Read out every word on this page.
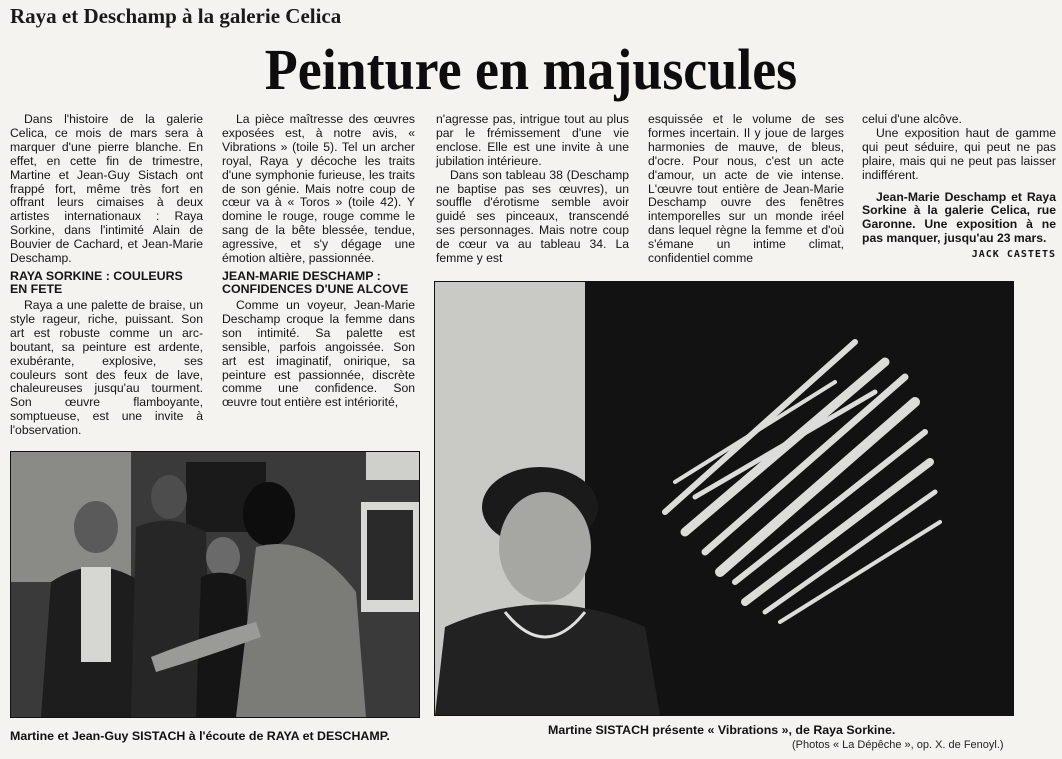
Raya et Deschamp à la galerie Celica
Peinture en majuscules

Dans l'histoire de la galerie Celica, ce mois de mars sera à marquer d'une pierre blanche. En effet, en cette fin de trimestre, Martine et Jean-Guy Sistach ont frappé fort, même très fort en offrant leurs cimaises à deux artistes internationaux : Raya Sorkine, dans l'intimité Alain de Bouvier de Cachard, et Jean-Marie Deschamp.

RAYA SORKINE : COULEURS EN FETE

Raya a une palette de braise, un style rageur, riche, puissant. Son art est robuste comme un arc-boutant, sa peinture est ardente, exubérante, explosive, ses couleurs sont des feux de lave, chaleureuses jusqu'au tourment. Son œuvre flamboyante, somptueuse, est une invite à l'observation.

La pièce maîtresse des œuvres exposées est, à notre avis, « Vibrations » (toile 5). Tel un archer royal, Raya y décoche les traits d'une symphonie furieuse, les traits de son génie. Mais notre coup de cœur va à « Toros » (toile 42). Y domine le rouge, rouge comme le sang de la bête blessée, tendue, agressive, et s'y dégage une émotion altière, passionnée.

JEAN-MARIE DESCHAMP : CONFIDENCES D'UNE ALCOVE

Comme un voyeur, Jean-Marie Deschamp croque la femme dans son intimité. Sa palette est sensible, parfois angoissée. Son art est imaginatif, onirique, sa peinture est passionnée, discrète comme une confidence. Son œuvre tout entière est intériorité,

n'agresse pas, intrigue tout au plus par le frémissement d'une vie enclose. Elle est une invite à une jubilation intérieure.

Dans son tableau 38 (Deschamp ne baptise pas ses œuvres), un souffle d'érotisme semble avoir guidé ses pinceaux, transcendé ses personnages. Mais notre coup de cœur va au tableau 34. La femme y est

esquissée et le volume de ses formes incertain. Il y joue de larges harmonies de mauve, de bleus, d'ocre. Pour nous, c'est un acte d'amour, un acte de vie intense. L'œuvre tout entière de Jean-Marie Deschamp ouvre des fenêtres intemporelles sur un monde iréel dans lequel règne la femme et d'où s'émane un intime climat, confidentiel comme

celui d'une alcôve.

Une exposition haut de gamme qui peut séduire, qui peut ne pas plaire, mais qui ne peut pas laisser indifférent.

Jean-Marie Deschamp et Raya Sorkine à la galerie Celica, rue Garonne. Une exposition à ne pas manquer, jusqu'au 23 mars.

JACK CASTETS
Martine et Jean-Guy SISTACH à l'écoute de RAYA et DESCHAMP.	Martine SISTACH présente « Vibrations », de Raya Sorkine.
(Photos « La Dépêche », op. X. de Fenoyl.)
